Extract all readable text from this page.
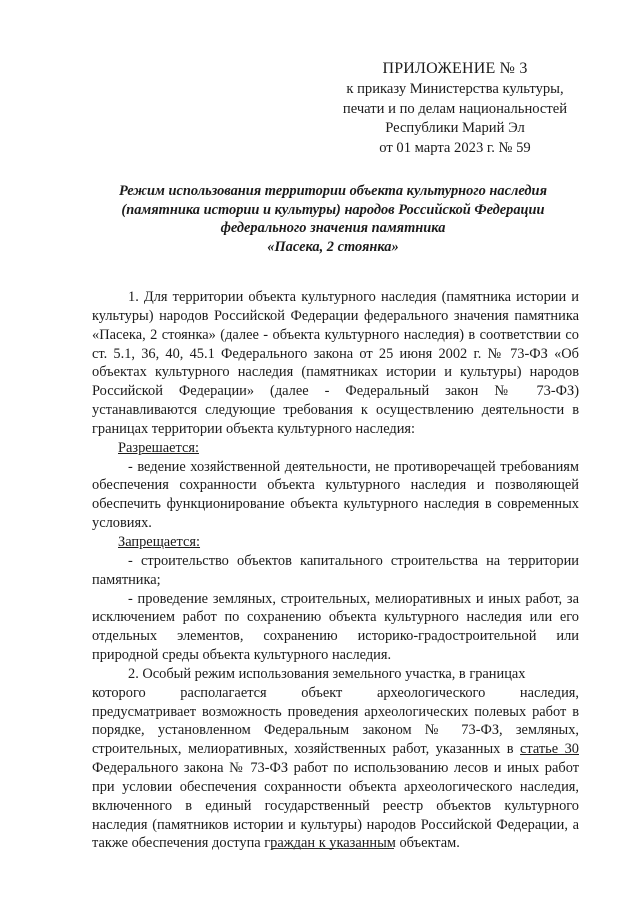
ПРИЛОЖЕНИЕ № 3
к приказу Министерства культуры,
печати и по делам национальностей
Республики Марий Эл
от 01 марта 2023 г. № 59
Режим использования территории объекта культурного наследия
(памятника истории и культуры) народов Российской Федерации
федерального значения памятника
«Пасека, 2 стоянка»

1. Для территории объекта культурного наследия (памятника истории и культуры) народов Российской Федерации федерального значения памятника «Пасека, 2 стоянка» (далее - объекта культурного наследия) в соответствии со ст. 5.1, 36, 40, 45.1 Федерального закона от 25 июня 2002 г. № 73-ФЗ «Об объектах культурного наследия (памятниках истории и культуры) народов Российской Федерации» (далее - Федеральный закон № 73-ФЗ) устанавливаются следующие требования к осуществлению деятельности в границах территории объекта культурного наследия:

Разрешается:

- ведение хозяйственной деятельности, не противоречащей требованиям обеспечения сохранности объекта культурного наследия и позволяющей обеспечить функционирование объекта культурного наследия в современных условиях.

Запрещается:

- строительство объектов капитального строительства на территории памятника;

- проведение земляных, строительных, мелиоративных и иных работ, за исключением работ по сохранению объекта культурного наследия или его отдельных элементов, сохранению историко-градостроительной или природной среды объекта культурного наследия.

2. Особый режим использования земельного участка, в границах
которого располагается объект археологического наследия,
предусматривает возможность проведения археологических полевых работ в порядке, установленном Федеральным законом № 73-ФЗ, земляных, строительных, мелиоративных, хозяйственных работ, указанных в статье 30 Федерального закона № 73-ФЗ работ по использованию лесов и иных работ при условии обеспечения сохранности объекта археологического наследия, включенного в единый государственный реестр объектов культурного наследия (памятников истории и культуры) народов Российской Федерации, а также обеспечения доступа граждан к указанным объектам.
